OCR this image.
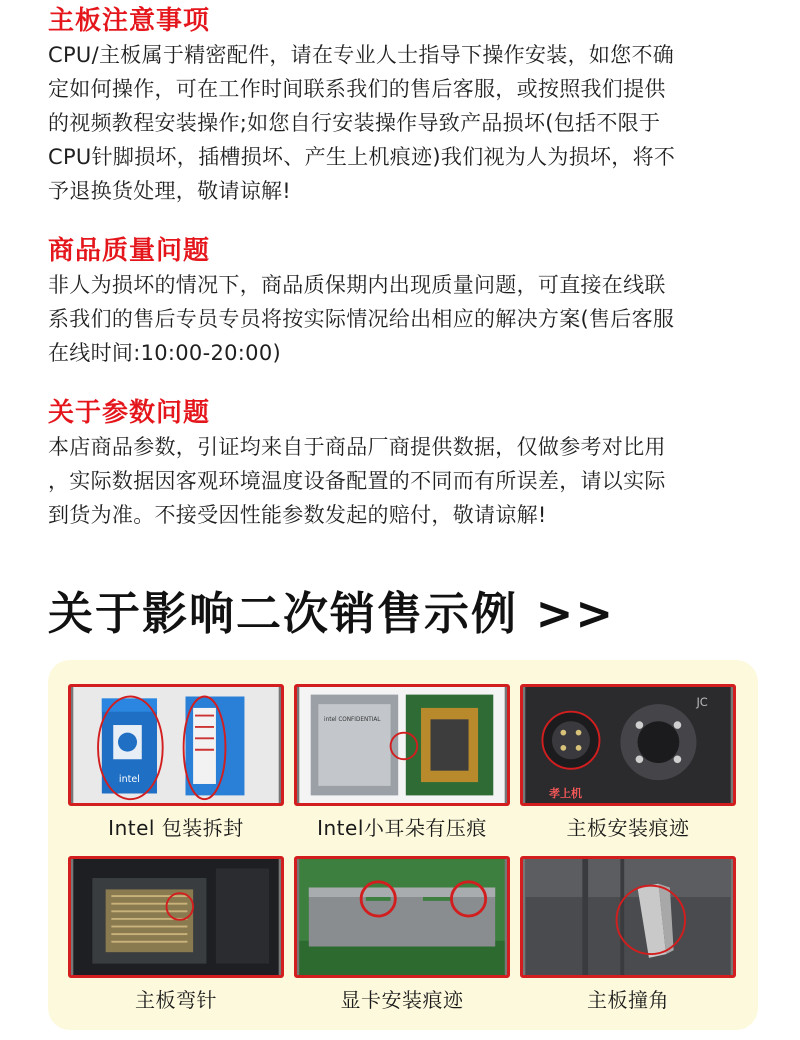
主板注意事项
CPU/主板属于精密配件，请在专业人士指导下操作安装，如您不确
定如何操作，可在工作时间联系我们的售后客服，或按照我们提供
的视频教程安装操作;如您自行安装操作导致产品损坏(包括不限于
CPU针脚损坏，插槽损坏、产生上机痕迹)我们视为人为损坏，将不
予退换货处理，敬请谅解!
商品质量问题
非人为损坏的情况下，商品质保期内出现质量问题，可直接在线联
系我们的售后专员专员将按实际情况给出相应的解决方案(售后客服
在线时间:10:00-20:00)
关于参数问题
本店商品参数，引证均来自于商品厂商提供数据，仅做参考对比用
，实际数据因客观环境温度设备配置的不同而有所误差，请以实际
到货为准。不接受因性能参数发起的赔付，敬请谅解!
关于影响二次销售示例 >>
intel
Intel 包装拆封
intel CONFIDENTIAL
Intel小耳朵有压痕
JC
孝上机
主板安装痕迹
主板弯针	显卡安装痕迹	主板撞角
